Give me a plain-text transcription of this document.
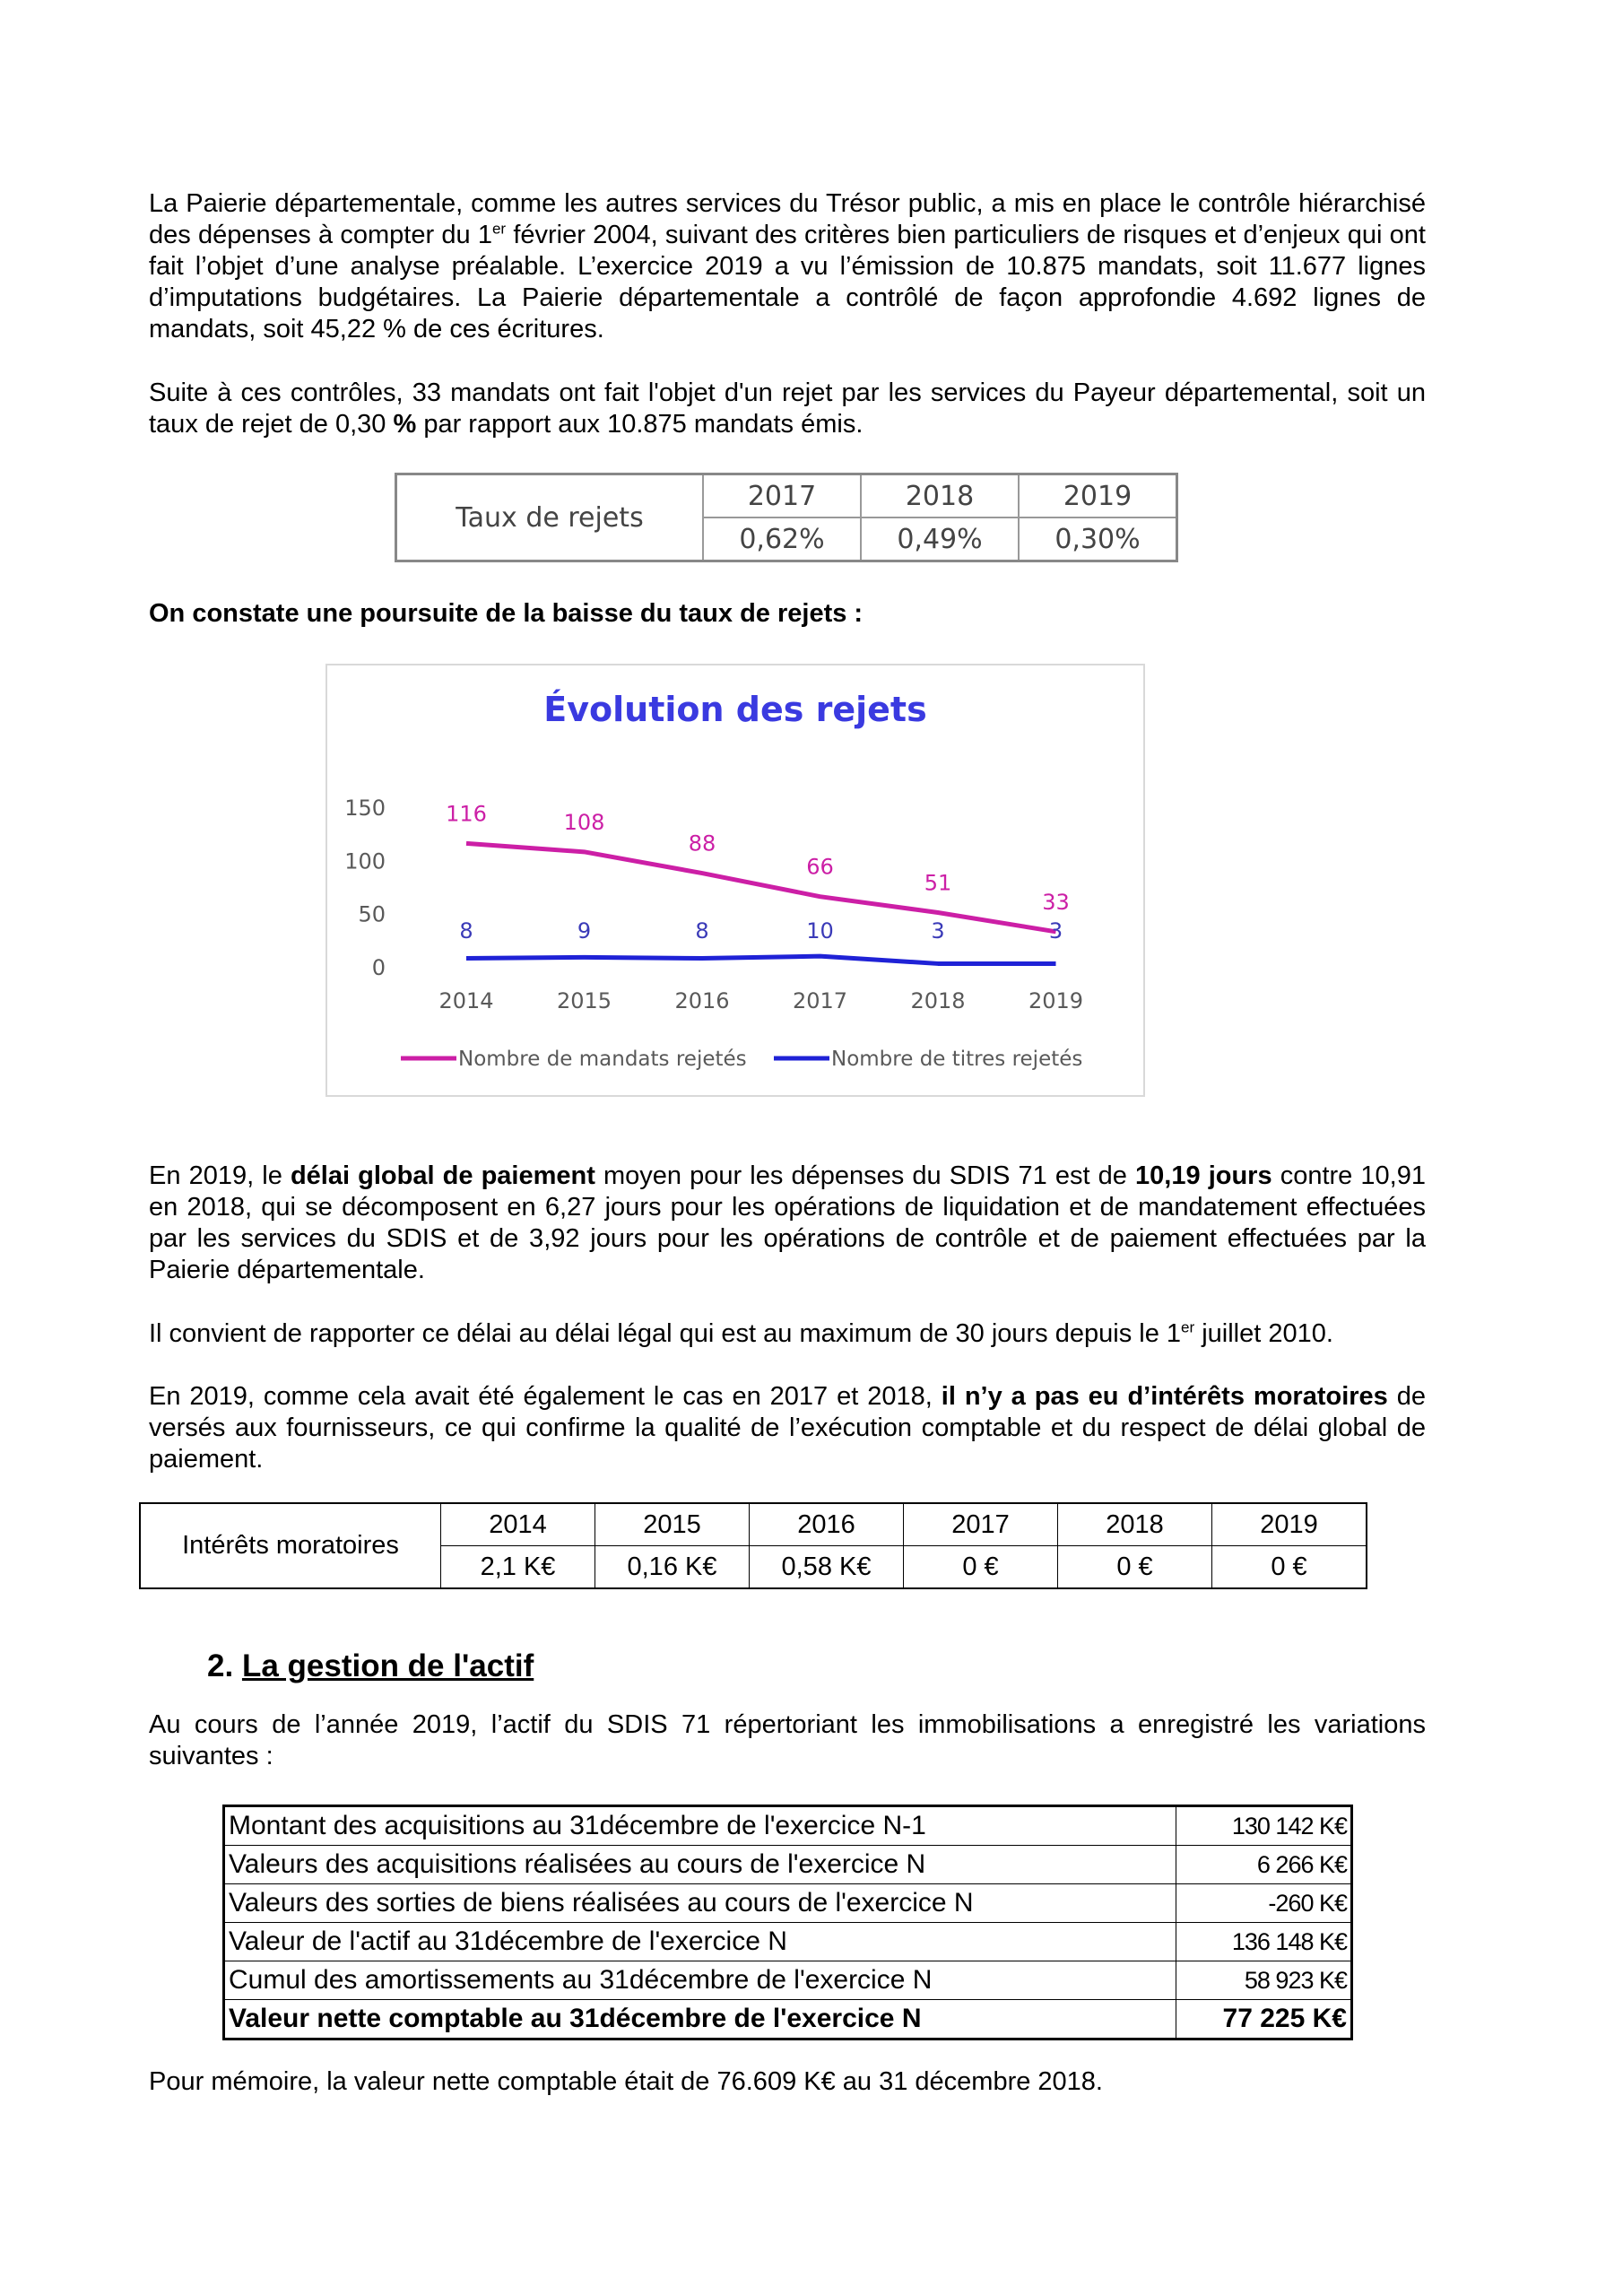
La Paierie départementale, comme les autres services du Trésor public, a mis en place le contrôle hiérarchisé des dépenses à compter du 1er février 2004, suivant des critères bien particuliers de risques et d’enjeux qui ont fait l’objet d’une analyse préalable. L’exercice 2019 a vu l’émission de 10.875 mandats, soit 11.677 lignes d’imputations budgétaires. La Paierie départementale a contrôlé de façon approfondie 4.692 lignes de mandats, soit 45,22 % de ces écritures.

Suite à ces contrôles, 33 mandats ont fait l'objet d'un rejet par les services du Payeur départemental, soit un taux de rejet de 0,30 % par rapport aux 10.875 mandats émis.

Taux de rejets	2017	2018	2019
	0,62%	0,49%	0,30%
On constate une poursuite de la baisse du taux de rejets :
Évolution des rejets
0
50
100
150
2014	2015	2016	2017	2018	2019
116	108
88
66
51
33
8	9	8	10	3	3
Nombre de mandats rejetés	Nombre de titres rejetés

En 2019, le délai global de paiement moyen pour les dépenses du SDIS 71 est de 10,19 jours contre 10,91 en 2018, qui se décomposent en 6,27 jours pour les opérations de liquidation et de mandatement effectuées par les services du SDIS et de 3,92 jours pour les opérations de contrôle et de paiement effectuées par la Paierie départementale.

Il convient de rapporter ce délai au délai légal qui est au maximum de 30 jours depuis le 1er juillet 2010.

En 2019, comme cela avait été également le cas en 2017 et 2018, il n’y a pas eu d’intérêts moratoires de versés aux fournisseurs, ce qui confirme la qualité de l’exécution comptable et du respect de délai global de paiement.

Intérêts moratoires	2014	2015	2016	2017	2018	2019
	2,1 K€	0,16 K€	0,58 K€	0 €	0 €	0 €
2. La gestion de l'actif
Au cours de l’année 2019, l’actif du SDIS 71 répertoriant les immobilisations a enregistré les variations suivantes :
Montant des acquisitions au 31décembre de l'exercice N-1	130 142 K€
Valeurs des acquisitions réalisées au cours de l'exercice N	6 266 K€
Valeurs des sorties de biens réalisées au cours de l'exercice N	-260 K€
Valeur de l'actif au 31décembre de l'exercice N	136 148 K€
Cumul des amortissements au 31décembre de l'exercice N	58 923 K€
Valeur nette comptable au 31décembre de l'exercice N	77 225 K€
Pour mémoire, la valeur nette comptable était de 76.609 K€ au 31 décembre 2018.
